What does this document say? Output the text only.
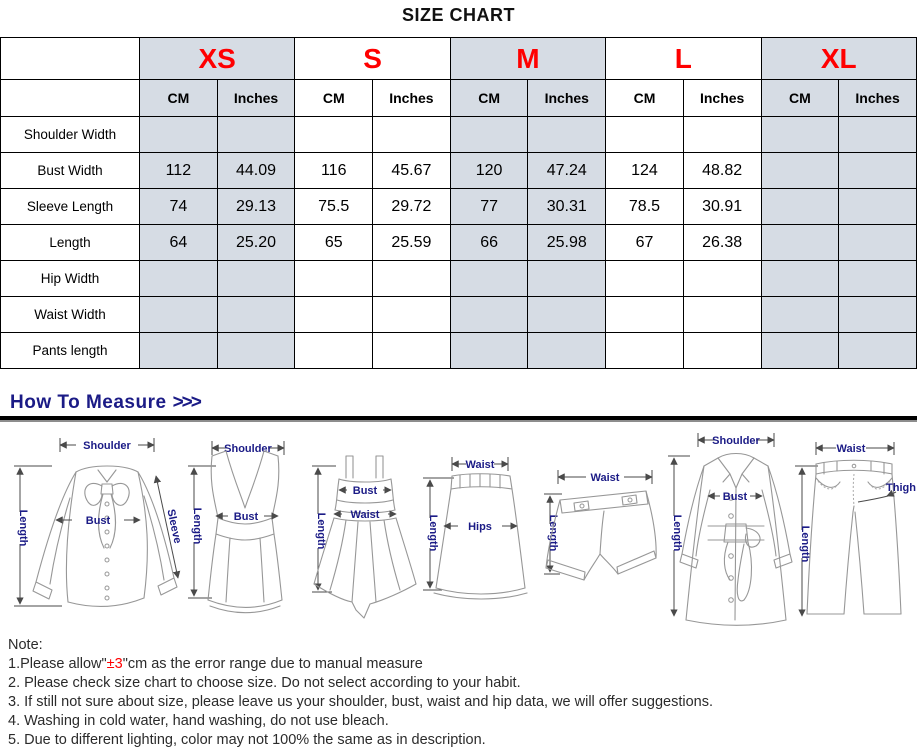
SIZE CHART
	XS		S		M		L		XL	
	CM	Inches	CM	Inches	CM	Inches	CM	Inches	CM	Inches
Shoulder Width										
Bust Width	112	44.09	116	45.67	120	47.24	124	48.82		
Sleeve Length	74	29.13	75.5	29.72	77	30.31	78.5	30.91		
Length	64	25.20	65	25.59	66	25.98	67	26.38		
Hip Width										
Waist Width										
Pants length										
How To Measure >>>
Shoulder
Length	Bust	Sleeve
Shoulder
Length	Bust	Length
Bust
Waist
Waist
Length	Hips
Waist
Length
Shoulder
Length
Bust
Waist
Length
Thigh
Note:
1.Please allow"±3"cm as the error range due to manual measure
2. Please check size chart to choose size. Do not select according to your habit.
3. If still not sure about size, please leave us your shoulder, bust, waist and hip data, we will offer suggestions.
4. Washing in cold water, hand washing, do not use bleach.
5. Due to different lighting, color may not 100% the same as in description.
